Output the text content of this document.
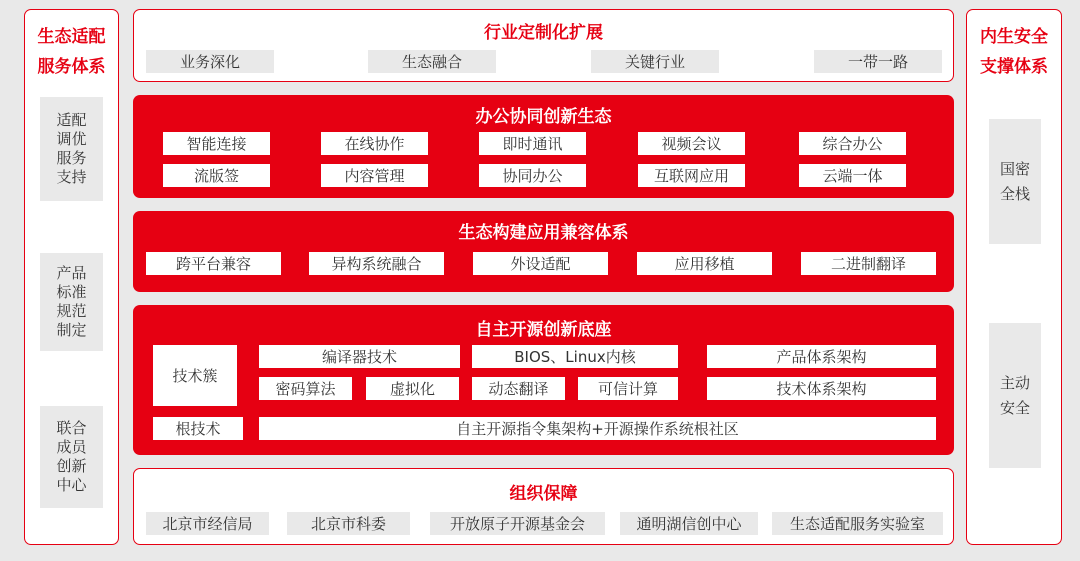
生态适配
服务体系
适配
调优
服务
支持
产品
标准
规范
制定
联合
成员
创新
中心
内生安全
支撑体系
国密
全栈
主动
安全
行业定制化扩展
业务深化	生态融合	关键行业	一带一路
办公协同创新生态
智能连接	在线协作	即时通讯	视频会议	综合办公
流版签	内容管理	协同办公	互联网应用	云端一体
生态构建应用兼容体系
跨平台兼容	异构系统融合	外设适配	应用移植	二进制翻译
自主开源创新底座
技术簇
编译器技术	BIOS、Linux内核	产品体系架构
密码算法	虚拟化	动态翻译	可信计算	技术体系架构
根技术	自主开源指令集架构+开源操作系统根社区
组织保障
北京市经信局	北京市科委	开放原子开源基金会	通明湖信创中心	生态适配服务实验室
